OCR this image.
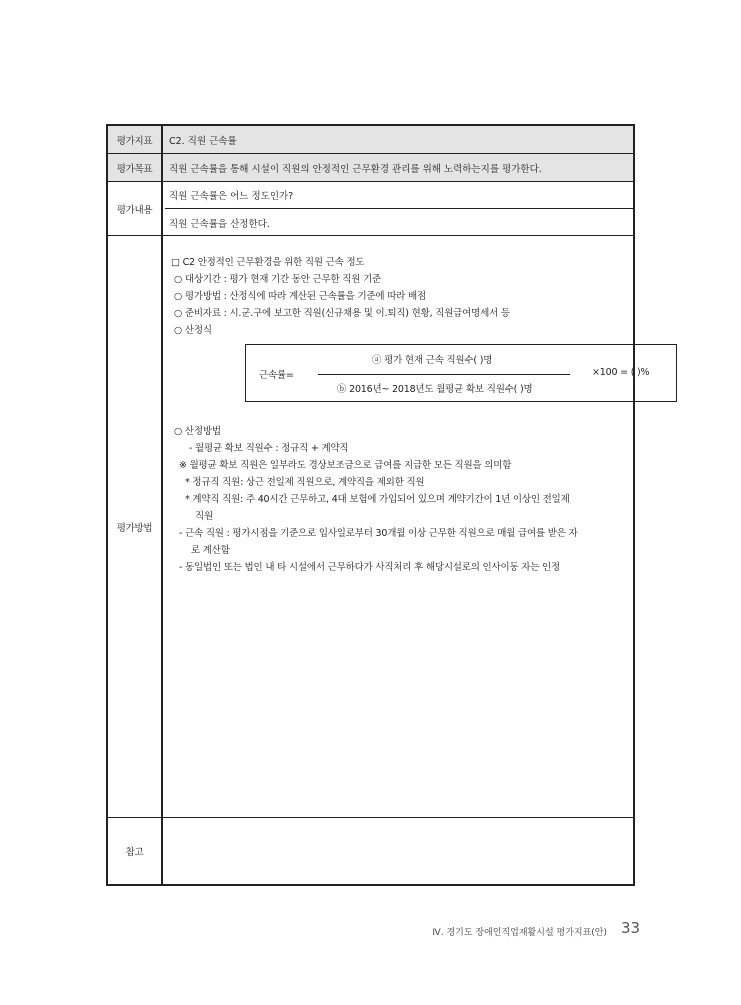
평가지표	C2. 직원 근속률
평가목표	직원 근속률을 통해 시설이 직원의 안정적인 근무환경 관리를 위해 노력하는지를 평가한다.
평가내용
직원 근속률은 어느 정도인가?
직원 근속률을 산정한다.
평가방법
□ C2 안정적인 근무환경을 위한 직원 근속 정도
○ 대상기간 : 평가 현재 기간 동안 근무한 직원 기준
○ 평가방법 : 산정식에 따라 계산된 근속률을 기준에 따라 배점
○ 준비자료 : 시.군.구에 보고한 직원(신규채용 및 이.퇴직) 현황, 직원급여명세서 등
○ 산정식
근속률=
ⓐ 평가 현재 근속 직원수( )명
ⓑ 2016년~ 2018년도 월평균 확보 직원수( )명
×100 = ( )%
○ 산정방법
- 월평균 확보 직원수 : 정규직 + 계약직
※ 월평균 확보 직원은 일부라도 경상보조금으로 급여를 지급한 모든 직원을 의미함
* 정규직 직원: 상근 전일제 직원으로, 계약직을 제외한 직원
* 계약직 직원: 주 40시간 근무하고, 4대 보험에 가입되어 있으며 계약기간이 1년 이상인 전일제
직원
- 근속 직원 : 평가시점을 기준으로 입사일로부터 30개월 이상 근무한 직원으로 매월 급여를 받은 자
로 계산함
- 동일법인 또는 법인 내 타 시설에서 근무하다가 사직처리 후 해당시설로의 인사이동 자는 인정
참고
Ⅳ. 경기도 장애인직업재활시설 평가지표(안) 33
